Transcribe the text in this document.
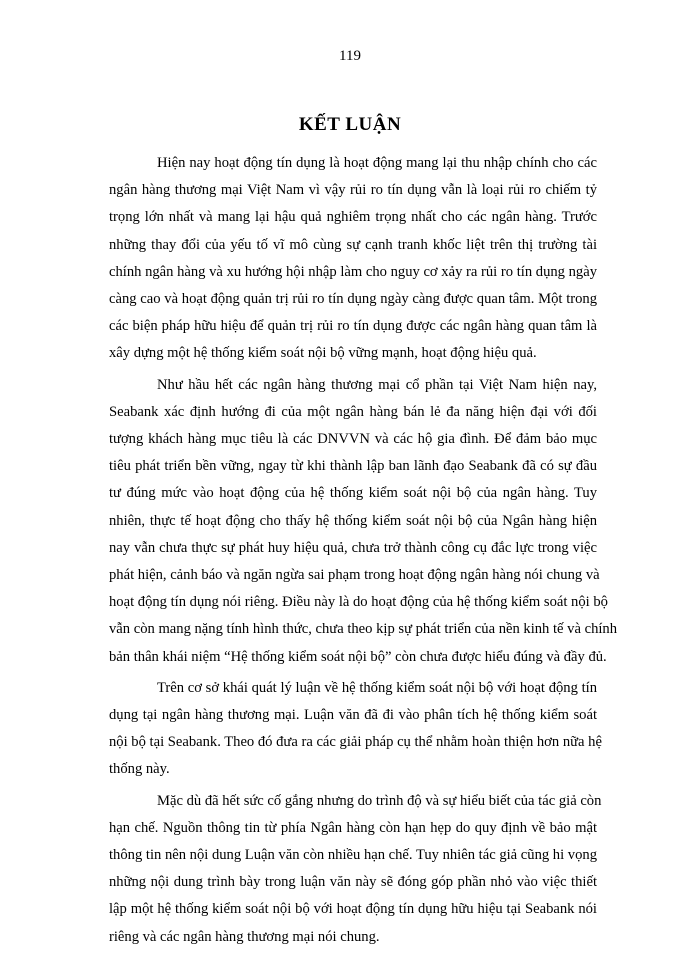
119
KẾT LUẬN
Hiện nay hoạt động tín dụng là hoạt động mang lại thu nhập chính cho các
ngân hàng thương mại Việt Nam vì vậy rủi ro tín dụng vẫn là loại rủi ro chiếm tỷ
trọng lớn nhất và mang lại hậu quả nghiêm trọng nhất cho các ngân hàng. Trước
những thay đổi của yếu tố vĩ mô cùng sự cạnh tranh khốc liệt trên thị trường tài
chính ngân hàng và xu hướng hội nhập làm cho nguy cơ xảy ra rủi ro tín dụng ngày
càng cao và hoạt động quản trị rủi ro tín dụng ngày càng được quan tâm. Một trong
các biện pháp hữu hiệu để quản trị rủi ro tín dụng được các ngân hàng quan tâm là
xây dựng một hệ thống kiểm soát nội bộ vững mạnh, hoạt động hiệu quả.
Như hầu hết các ngân hàng thương mại cổ phần tại Việt Nam hiện nay,
Seabank xác định hướng đi của một ngân hàng bán lẻ đa năng hiện đại với đối
tượng khách hàng mục tiêu là các DNVVN và các hộ gia đình. Để đảm bảo mục
tiêu phát triển bền vững, ngay từ khi thành lập ban lãnh đạo Seabank đã có sự đầu
tư đúng mức vào hoạt động của hệ thống kiểm soát nội bộ của ngân hàng. Tuy
nhiên, thực tế hoạt động cho thấy hệ thống kiểm soát nội bộ của Ngân hàng hiện
nay vẫn chưa thực sự phát huy hiệu quả, chưa trở thành công cụ đắc lực trong việc
phát hiện, cảnh báo và ngăn ngừa sai phạm trong hoạt động ngân hàng nói chung và
hoạt động tín dụng nói riêng. Điều này là do hoạt động của hệ thống kiểm soát nội bộ
vẫn còn mang nặng tính hình thức, chưa theo kịp sự phát triển của nền kinh tế và chính
bản thân khái niệm “Hệ thống kiểm soát nội bộ” còn chưa được hiểu đúng và đầy đủ.
Trên cơ sở khái quát lý luận về hệ thống kiểm soát nội bộ với hoạt động tín
dụng tại ngân hàng thương mại. Luận văn đã đi vào phân tích hệ thống kiểm soát
nội bộ tại Seabank. Theo đó đưa ra các giải pháp cụ thể nhằm hoàn thiện hơn nữa hệ
thống này.
Mặc dù đã hết sức cố gắng nhưng do trình độ và sự hiểu biết của tác giả còn
hạn chế. Nguồn thông tin từ phía Ngân hàng còn hạn hẹp do quy định về bảo mật
thông tin nên nội dung Luận văn còn nhiều hạn chế. Tuy nhiên tác giả cũng hi vọng
những nội dung trình bày trong luận văn này sẽ đóng góp phần nhỏ vào việc thiết
lập một hệ thống kiểm soát nội bộ với hoạt động tín dụng hữu hiệu tại Seabank nói
riêng và các ngân hàng thương mại nói chung.
